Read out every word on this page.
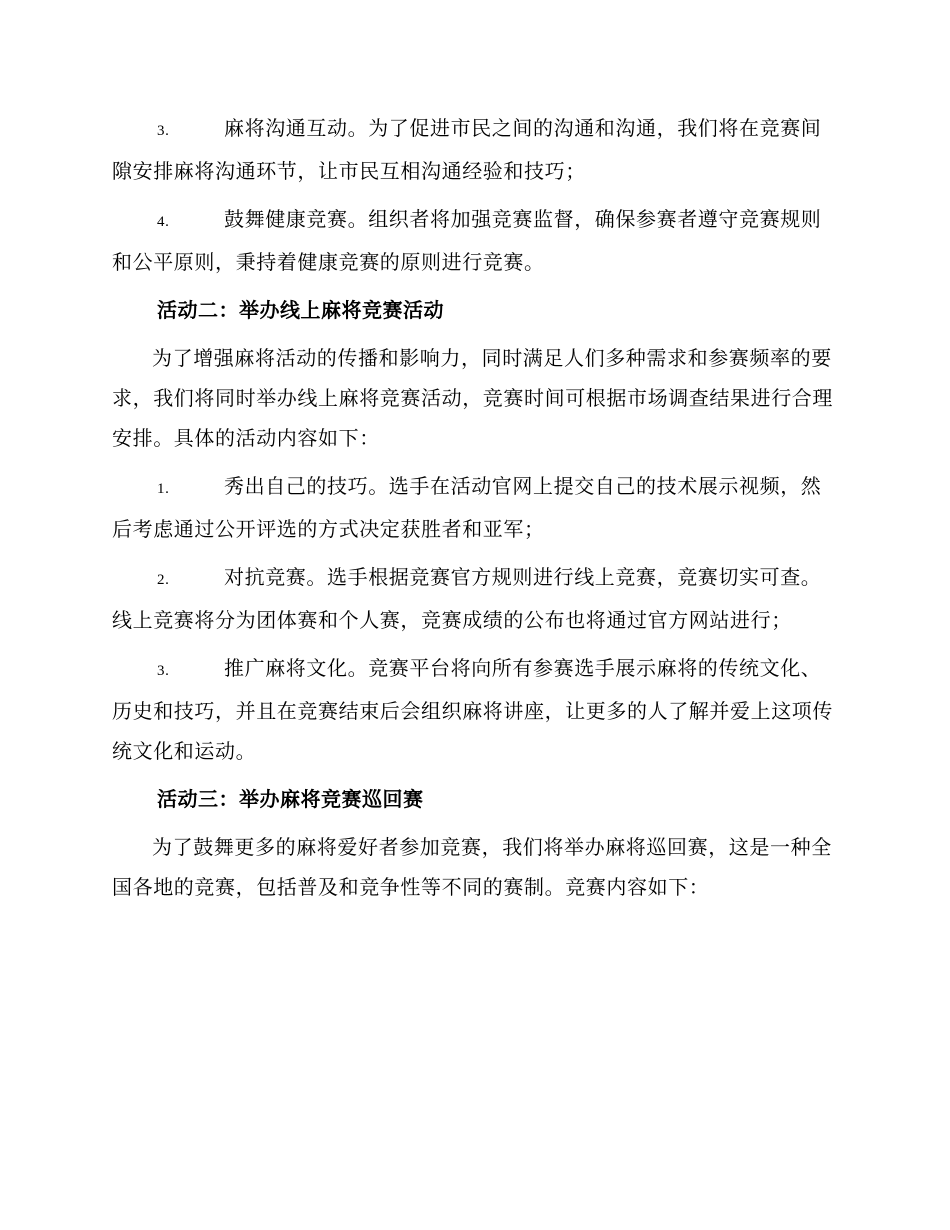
3.	麻将沟通互动。为了促进市民之间的沟通和沟通，我们将在竞赛间隙安排麻将沟通环节，让市民互相沟通经验和技巧；

4.	鼓舞健康竞赛。组织者将加强竞赛监督，确保参赛者遵守竞赛规则和公平原则，秉持着健康竞赛的原则进行竞赛。

活动二：举办线上麻将竞赛活动

为了增强麻将活动的传播和影响力，同时满足人们多种需求和参赛频率的要求，我们将同时举办线上麻将竞赛活动，竞赛时间可根据市场调查结果进行合理安排。具体的活动内容如下：

1.	秀出自己的技巧。选手在活动官网上提交自己的技术展示视频，然后考虑通过公开评选的方式决定获胜者和亚军；

2.	对抗竞赛。选手根据竞赛官方规则进行线上竞赛，竞赛切实可查。线上竞赛将分为团体赛和个人赛，竞赛成绩的公布也将通过官方网站进行；

3.	推广麻将文化。竞赛平台将向所有参赛选手展示麻将的传统文化、历史和技巧，并且在竞赛结束后会组织麻将讲座，让更多的人了解并爱上这项传统文化和运动。

活动三：举办麻将竞赛巡回赛

为了鼓舞更多的麻将爱好者参加竞赛，我们将举办麻将巡回赛，这是一种全国各地的竞赛，包括普及和竞争性等不同的赛制。竞赛内容如下：
